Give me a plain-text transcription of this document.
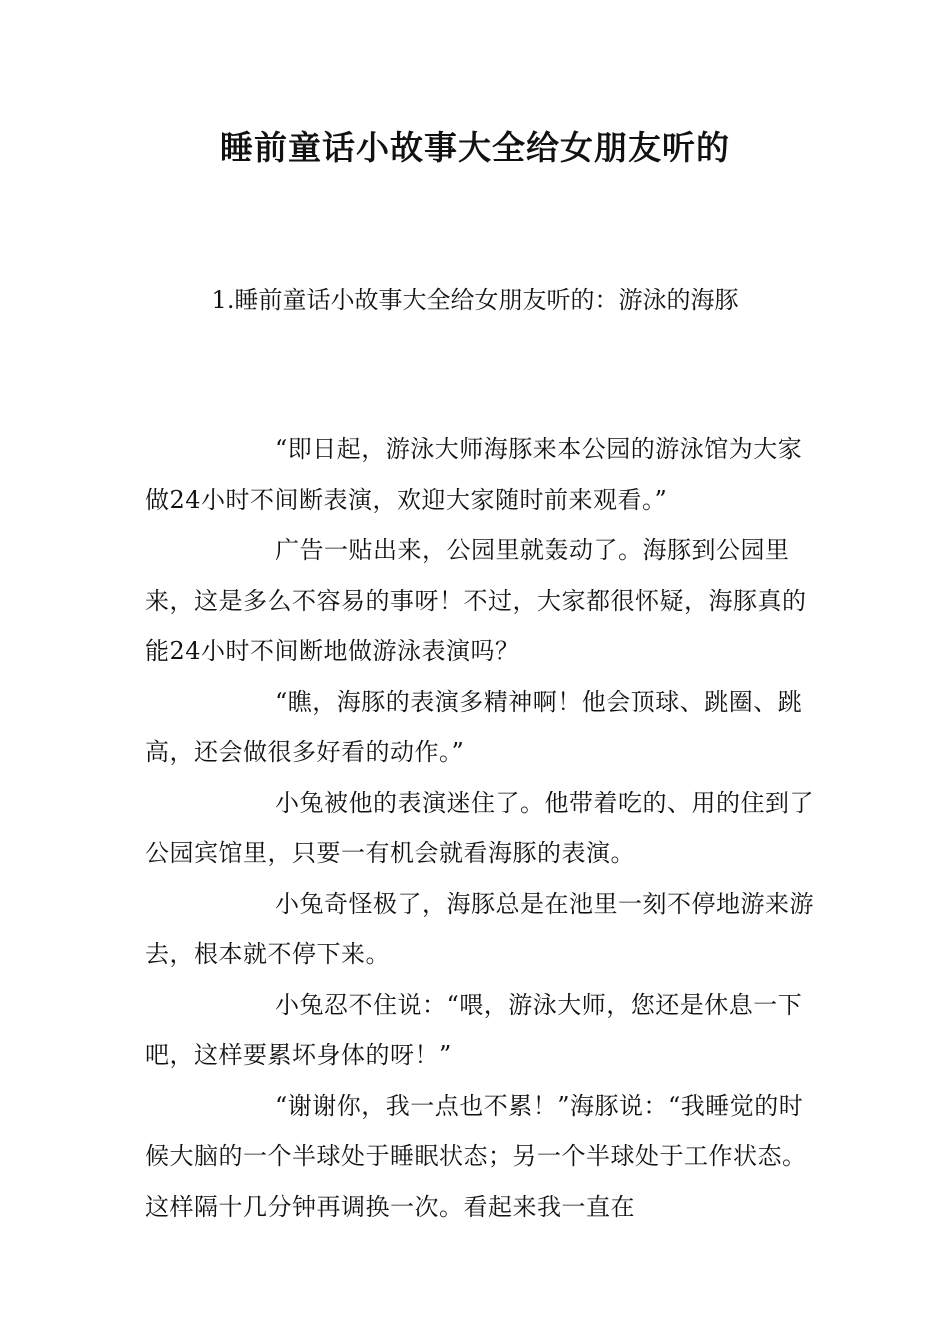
睡前童话小故事大全给女朋友听的

1.睡前童话小故事大全给女朋友听的：游泳的海豚

“即日起，游泳大师海豚来本公园的游泳馆为大家做24小时不间断表演，欢迎大家随时前来观看。”

广告一贴出来，公园里就轰动了。海豚到公园里来，这是多么不容易的事呀！不过，大家都很怀疑，海豚真的能24小时不间断地做游泳表演吗？

“瞧，海豚的表演多精神啊！他会顶球、跳圈、跳高，还会做很多好看的动作。”

小兔被他的表演迷住了。他带着吃的、用的住到了公园宾馆里，只要一有机会就看海豚的表演。

小兔奇怪极了，海豚总是在池里一刻不停地游来游去，根本就不停下来。

小兔忍不住说：“喂，游泳大师，您还是休息一下吧，这样要累坏身体的呀！”

“谢谢你，我一点也不累！”海豚说：“我睡觉的时候大脑的一个半球处于睡眠状态；另一个半球处于工作状态。这样隔十几分钟再调换一次。看起来我一直在
